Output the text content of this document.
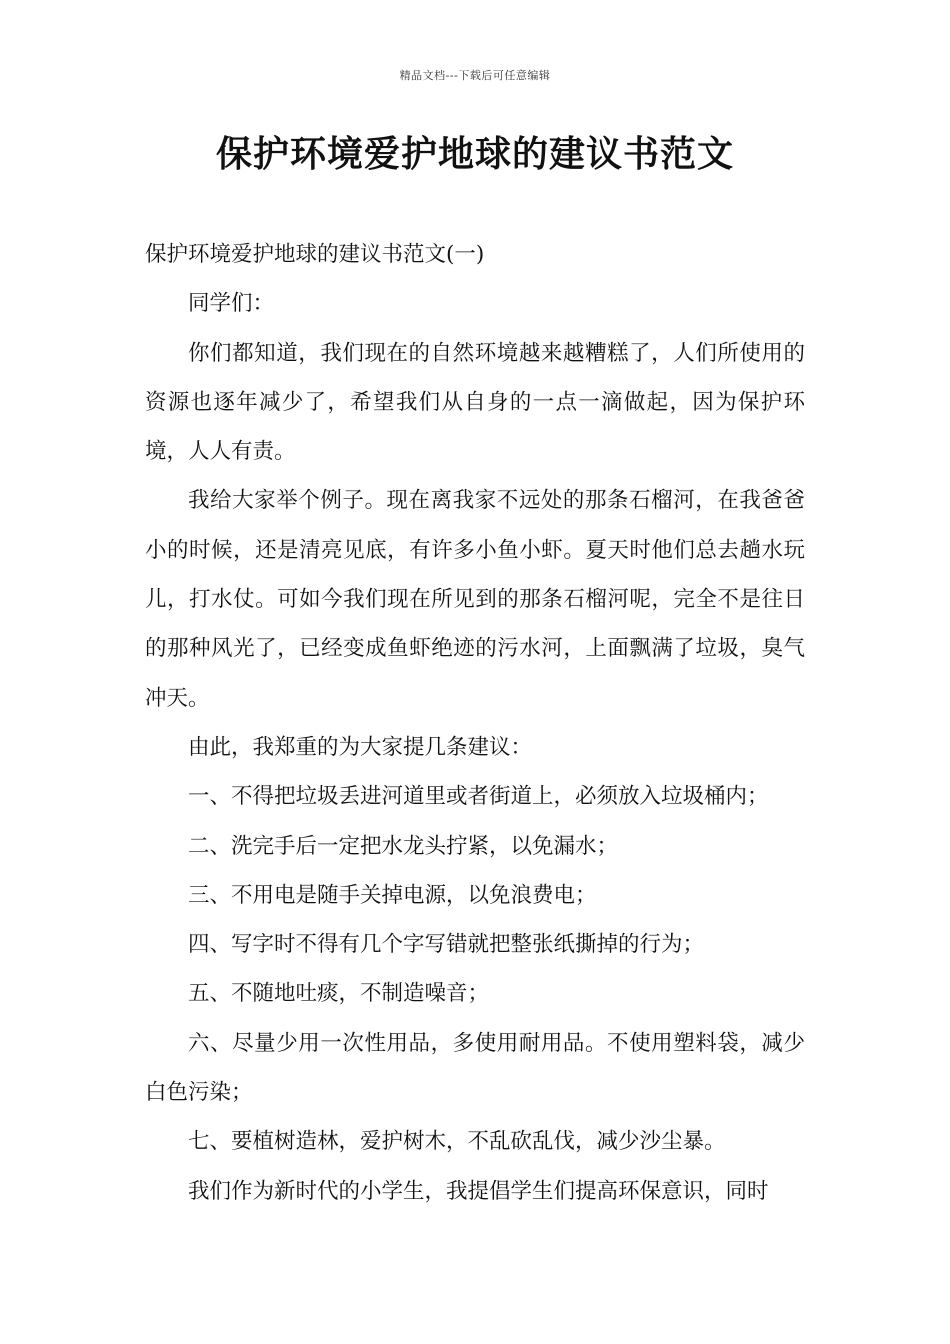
精品文档---下载后可任意编辑
保护环境爱护地球的建议书范文

保护环境爱护地球的建议书范文(一)

同学们：

你们都知道，我们现在的自然环境越来越糟糕了，人们所使用的资源也逐年减少了，希望我们从自身的一点一滴做起，因为保护环境，人人有责。

我给大家举个例子。现在离我家不远处的那条石榴河，在我爸爸小的时候，还是清亮见底，有许多小鱼小虾。夏天时他们总去趟水玩儿，打水仗。可如今我们现在所见到的那条石榴河呢，完全不是往日的那种风光了，已经变成鱼虾绝迹的污水河，上面飘满了垃圾，臭气冲天。

由此，我郑重的为大家提几条建议：

一、不得把垃圾丢进河道里或者街道上，必须放入垃圾桶内；

二、洗完手后一定把水龙头拧紧，以免漏水；

三、不用电是随手关掉电源，以免浪费电；

四、写字时不得有几个字写错就把整张纸撕掉的行为；

五、不随地吐痰，不制造噪音；

六、尽量少用一次性用品，多使用耐用品。不使用塑料袋，减少白色污染；

七、要植树造林，爱护树木，不乱砍乱伐，减少沙尘暴。

我们作为新时代的小学生，我提倡学生们提高环保意识，同时
